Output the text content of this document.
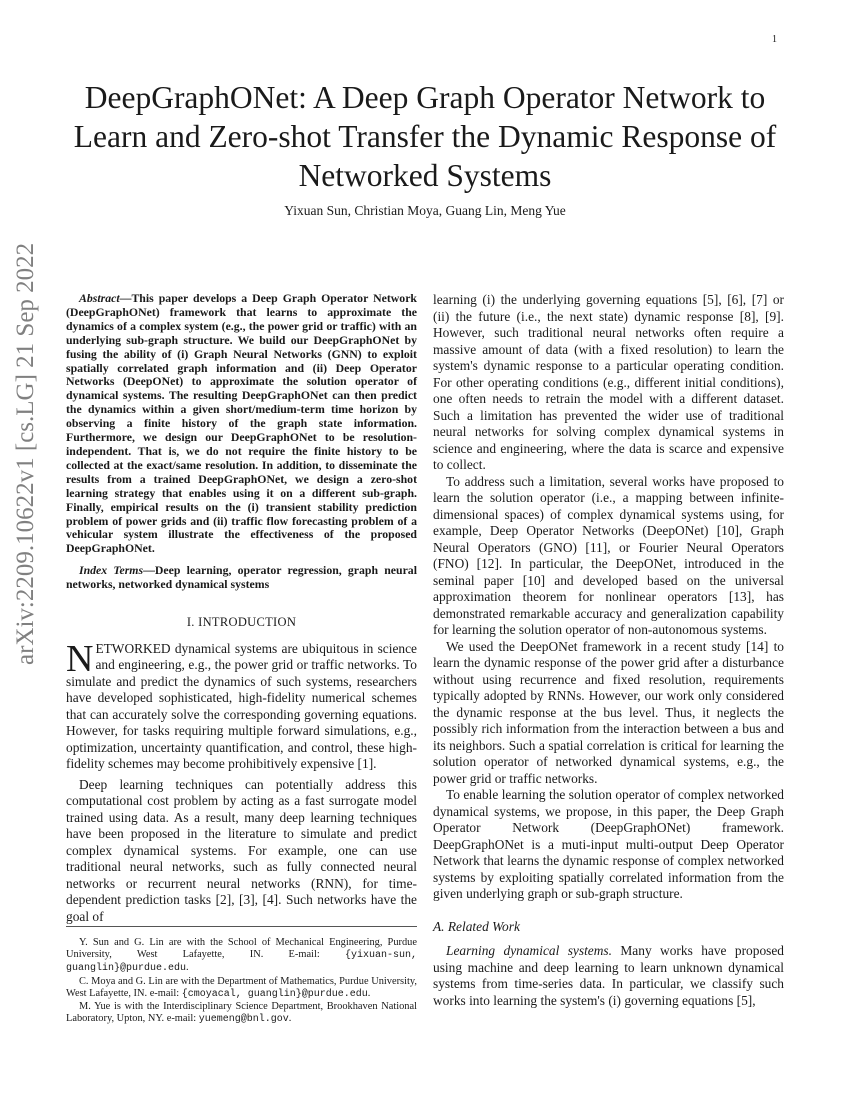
1
arXiv:2209.10622v1 [cs.LG] 21 Sep 2022
DeepGraphONet: A Deep Graph Operator Network to Learn and Zero-shot Transfer the Dynamic Response of Networked Systems
Yixuan Sun, Christian Moya, Guang Lin, Meng Yue

Abstract—This paper develops a Deep Graph Operator Network (DeepGraphONet) framework that learns to approximate the dynamics of a complex system (e.g., the power grid or traffic) with an underlying sub-graph structure. We build our DeepGraphONet by fusing the ability of (i) Graph Neural Networks (GNN) to exploit spatially correlated graph information and (ii) Deep Operator Networks (DeepONet) to approximate the solution operator of dynamical systems. The resulting DeepGraphONet can then predict the dynamics within a given short/medium-term time horizon by observing a finite history of the graph state information. Furthermore, we design our DeepGraphONet to be resolution-independent. That is, we do not require the finite history to be collected at the exact/same resolution. In addition, to disseminate the results from a trained DeepGraphONet, we design a zero-shot learning strategy that enables using it on a different sub-graph. Finally, empirical results on the (i) transient stability prediction problem of power grids and (ii) traffic flow forecasting problem of a vehicular system illustrate the effectiveness of the proposed DeepGraphONet.

Index Terms—Deep learning, operator regression, graph neural networks, networked dynamical systems

I. INTRODUCTION

NETWORKED dynamical systems are ubiquitous in science and engineering, e.g., the power grid or traffic networks. To simulate and predict the dynamics of such systems, researchers have developed sophisticated, high-fidelity numerical schemes that can accurately solve the corresponding governing equations. However, for tasks requiring multiple forward simulations, e.g., optimization, uncertainty quantification, and control, these high-fidelity schemes may become prohibitively expensive [1].

Deep learning techniques can potentially address this computational cost problem by acting as a fast surrogate model trained using data. As a result, many deep learning techniques have been proposed in the literature to simulate and predict complex dynamical systems. For example, one can use traditional neural networks, such as fully connected neural networks or recurrent neural networks (RNN), for time-dependent prediction tasks [2], [3], [4]. Such networks have the goal of

Y. Sun and G. Lin are with the School of Mechanical Engineering, Purdue University, West Lafayette, IN. E-mail: {yixuan-sun, guanglin}@purdue.edu.

C. Moya and G. Lin are with the Department of Mathematics, Purdue University, West Lafayette, IN. e-mail: {cmoyacal, guanglin}@purdue.edu.

M. Yue is with the Interdisciplinary Science Department, Brookhaven National Laboratory, Upton, NY. e-mail: yuemeng@bnl.gov.

learning (i) the underlying governing equations [5], [6], [7] or (ii) the future (i.e., the next state) dynamic response [8], [9]. However, such traditional neural networks often require a massive amount of data (with a fixed resolution) to learn the system's dynamic response to a particular operating condition. For other operating conditions (e.g., different initial conditions), one often needs to retrain the model with a different dataset. Such a limitation has prevented the wider use of traditional neural networks for solving complex dynamical systems in science and engineering, where the data is scarce and expensive to collect.

To address such a limitation, several works have proposed to learn the solution operator (i.e., a mapping between infinite-dimensional spaces) of complex dynamical systems using, for example, Deep Operator Networks (DeepONet) [10], Graph Neural Operators (GNO) [11], or Fourier Neural Operators (FNO) [12]. In particular, the DeepONet, introduced in the seminal paper [10] and developed based on the universal approximation theorem for nonlinear operators [13], has demonstrated remarkable accuracy and generalization capability for learning the solution operator of non-autonomous systems.

We used the DeepONet framework in a recent study [14] to learn the dynamic response of the power grid after a disturbance without using recurrence and fixed resolution, requirements typically adopted by RNNs. However, our work only considered the dynamic response at the bus level. Thus, it neglects the possibly rich information from the interaction between a bus and its neighbors. Such a spatial correlation is critical for learning the solution operator of networked dynamical systems, e.g., the power grid or traffic networks.

To enable learning the solution operator of complex networked dynamical systems, we propose, in this paper, the Deep Graph Operator Network (DeepGraphONet) framework. DeepGraphONet is a muti-input multi-output Deep Operator Network that learns the dynamic response of complex networked systems by exploiting spatially correlated information from the given underlying graph or sub-graph structure.

A. Related Work

Learning dynamical systems. Many works have proposed using machine and deep learning to learn unknown dynamical systems from time-series data. In particular, we classify such works into learning the system's (i) governing equations [5],
